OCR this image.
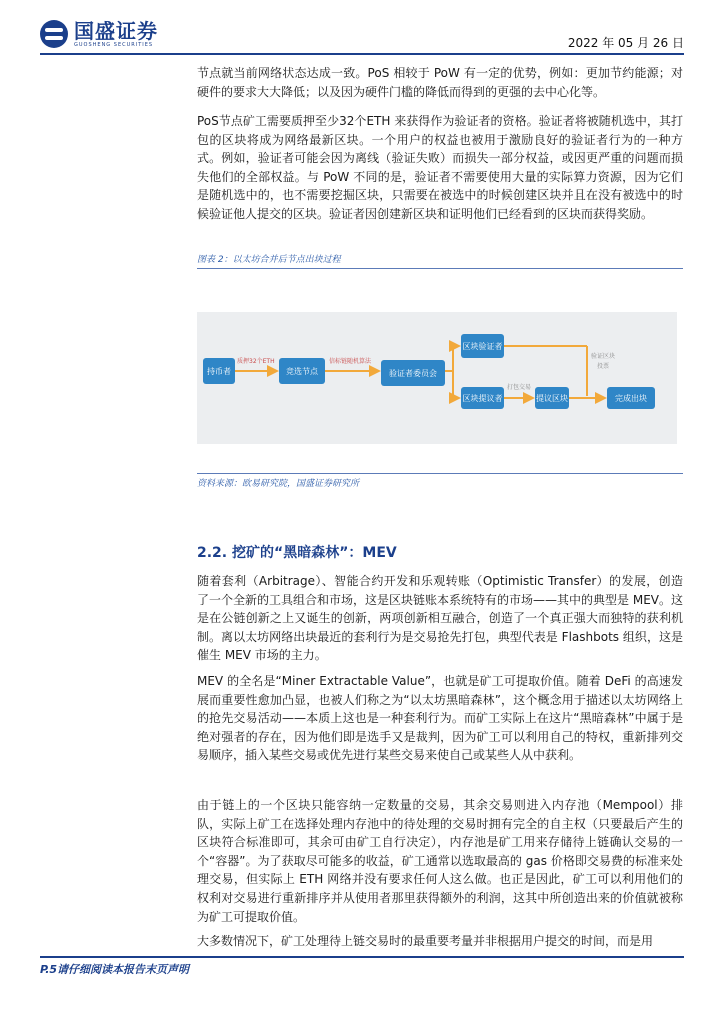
国盛证券
GUOSHENG SECURITIES	2022 年 05 月 26 日

节点就当前网络状态达成一致。PoS 相较于 PoW 有一定的优势，例如：更加节约能源；对硬件的要求大大降低；以及因为硬件门槛的降低而得到的更强的去中心化等。

PoS节点矿工需要质押至少32个ETH 来获得作为验证者的资格。验证者将被随机选中，其打包的区块将成为网络最新区块。一个用户的权益也被用于激励良好的验证者行为的一种方式。例如，验证者可能会因为离线（验证失败）而损失一部分权益，或因更严重的问题而损失他们的全部权益。与 PoW 不同的是，验证者不需要使用大量的实际算力资源，因为它们是随机选中的，也不需要挖掘区块，只需要在被选中的时候创建区块并且在没有被选中的时候验证他人提交的区块。验证者因创建新区块和证明他们已经看到的区块而获得奖励。

图表 2：以太坊合并后节点出块过程
持币者	竞选节点	验证者委员会
区块验证者
区块提议者	提议区块	完成出块
质押32个ETH	信标链随机算法
打包交易
验证区块
投票
资料来源：欧易研究院，国盛证券研究所
2.2. 挖矿的“黑暗森林”：MEV

随着套利（Arbitrage）、智能合约开发和乐观转账（Optimistic Transfer）的发展，创造了一个全新的工具组合和市场，这是区块链账本系统特有的市场——其中的典型是 MEV。这是在公链创新之上又诞生的创新，两项创新相互融合，创造了一个真正强大而独特的获利机制。离以太坊网络出块最近的套利行为是交易抢先打包，典型代表是 Flashbots 组织，这是催生 MEV 市场的主力。

MEV 的全名是“Miner Extractable Value”，也就是矿工可提取价值。随着 DeFi 的高速发展而重要性愈加凸显，也被人们称之为“以太坊黑暗森林”，这个概念用于描述以太坊网络上的抢先交易活动——本质上这也是一种套利行为。而矿工实际上在这片“黑暗森林”中属于是绝对强者的存在，因为他们即是选手又是裁判，因为矿工可以利用自己的特权，重新排列交易顺序，插入某些交易或优先进行某些交易来使自己或某些人从中获利。

由于链上的一个区块只能容纳一定数量的交易，其余交易则进入内存池（Mempool）排队，实际上矿工在选择处理内存池中的待处理的交易时拥有完全的自主权（只要最后产生的区块符合标准即可，其余可由矿工自行决定），内存池是矿工用来存储待上链确认交易的一个“容器”。为了获取尽可能多的收益，矿工通常以选取最高的 gas 价格即交易费的标准来处理交易，但实际上 ETH 网络并没有要求任何人这么做。也正是因此，矿工可以利用他们的权利对交易进行重新排序并从使用者那里获得额外的利润，这其中所创造出来的价值就被称为矿工可提取价值。

大多数情况下，矿工处理待上链交易时的最重要考量并非根据用户提交的时间，而是用

P.5请仔细阅读本报告末页声明
